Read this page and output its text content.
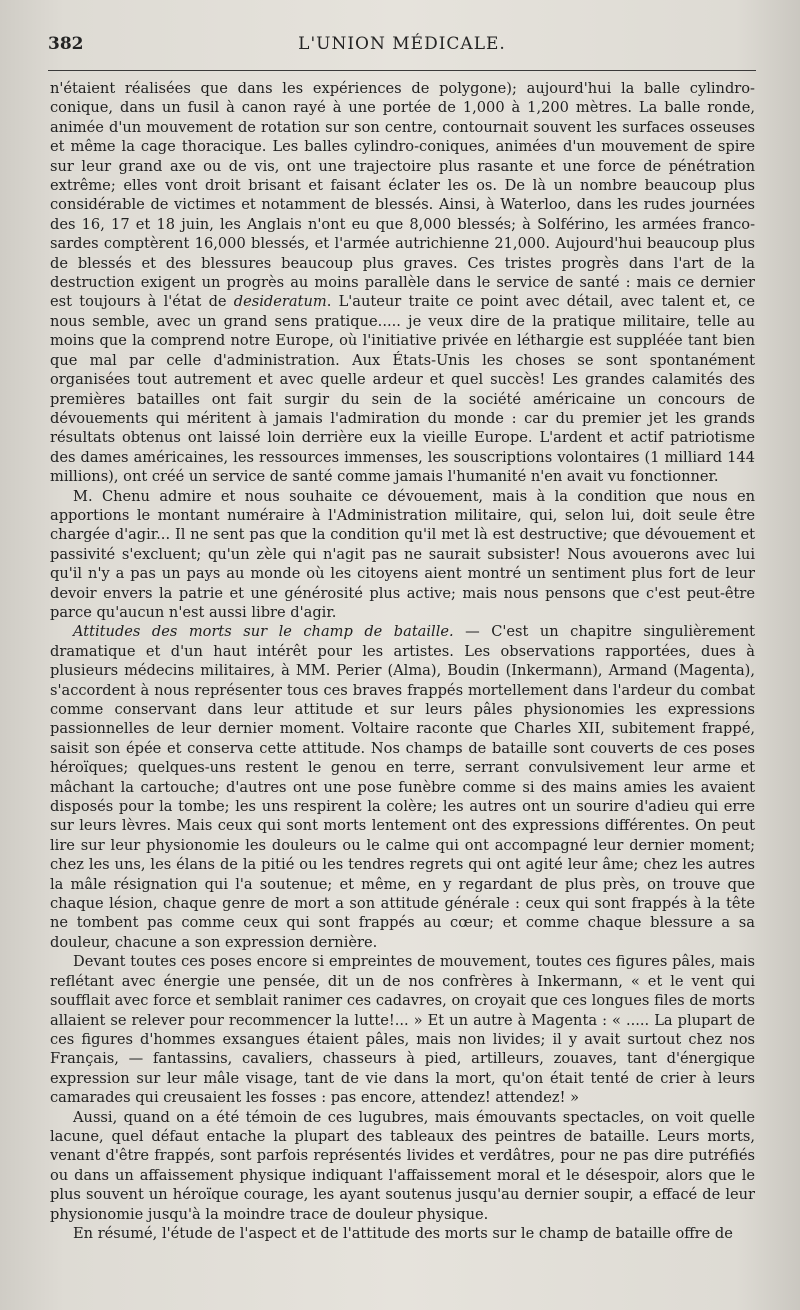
382	L'UNION MÉDICALE.

n'étaient réalisées que dans les expériences de polygone); aujourd'hui la balle cylindro-conique, dans un fusil à canon rayé à une portée de 1,000 à 1,200 mètres. La balle ronde, animée d'un mouvement de rotation sur son centre, contournait souvent les surfaces osseuses et même la cage thoracique. Les balles cylindro-coniques, animées d'un mouvement de spire sur leur grand axe ou de vis, ont une trajectoire plus rasante et une force de pénétration extrême; elles vont droit brisant et faisant éclater les os. De là un nombre beaucoup plus considérable de victimes et notamment de blessés. Ainsi, à Waterloo, dans les rudes journées des 16, 17 et 18 juin, les Anglais n'ont eu que 8,000 blessés; à Solférino, les armées franco-sardes comptèrent 16,000 blessés, et l'armée autrichienne 21,000. Aujourd'hui beaucoup plus de blessés et des blessures beaucoup plus graves. Ces tristes progrès dans l'art de la destruction exigent un progrès au moins parallèle dans le service de santé : mais ce dernier est toujours à l'état de desideratum. L'auteur traite ce point avec détail, avec talent et, ce nous semble, avec un grand sens pratique..... je veux dire de la pratique militaire, telle au moins que la comprend notre Europe, où l'initiative privée en léthargie est suppléée tant bien que mal par celle d'administration. Aux États-Unis les choses se sont spontanément organisées tout autrement et avec quelle ardeur et quel succès! Les grandes calamités des premières batailles ont fait surgir du sein de la société américaine un concours de dévouements qui méritent à jamais l'admiration du monde : car du premier jet les grands résultats obtenus ont laissé loin derrière eux la vieille Europe. L'ardent et actif patriotisme des dames américaines, les ressources immenses, les souscriptions volontaires (1 milliard 144 millions), ont créé un service de santé comme jamais l'humanité n'en avait vu fonctionner.

M. Chenu admire et nous souhaite ce dévouement, mais à la condition que nous en apportions le montant numéraire à l'Administration militaire, qui, selon lui, doit seule être chargée d'agir... Il ne sent pas que la condition qu'il met là est destructive; que dévouement et passivité s'excluent; qu'un zèle qui n'agit pas ne saurait subsister! Nous avouerons avec lui qu'il n'y a pas un pays au monde où les citoyens aient montré un sentiment plus fort de leur devoir envers la patrie et une générosité plus active; mais nous pensons que c'est peut-être parce qu'aucun n'est aussi libre d'agir.

Attitudes des morts sur le champ de bataille. — C'est un chapitre singulièrement dramatique et d'un haut intérêt pour les artistes. Les observations rapportées, dues à plusieurs médecins militaires, à MM. Perier (Alma), Boudin (Inkermann), Armand (Magenta), s'accordent à nous représenter tous ces braves frappés mortellement dans l'ardeur du combat comme conservant dans leur attitude et sur leurs pâles physionomies les expressions passionnelles de leur dernier moment. Voltaire raconte que Charles XII, subitement frappé, saisit son épée et conserva cette attitude. Nos champs de bataille sont couverts de ces poses héroïques; quelques-uns restent le genou en terre, serrant convulsivement leur arme et mâchant la cartouche; d'autres ont une pose funèbre comme si des mains amies les avaient disposés pour la tombe; les uns respirent la colère; les autres ont un sourire d'adieu qui erre sur leurs lèvres. Mais ceux qui sont morts lentement ont des expressions différentes. On peut lire sur leur physionomie les douleurs ou le calme qui ont accompagné leur dernier moment; chez les uns, les élans de la pitié ou les tendres regrets qui ont agité leur âme; chez les autres la mâle résignation qui l'a soutenue; et même, en y regardant de plus près, on trouve que chaque lésion, chaque genre de mort a son attitude générale : ceux qui sont frappés à la tête ne tombent pas comme ceux qui sont frappés au cœur; et comme chaque blessure a sa douleur, chacune a son expression dernière.

Devant toutes ces poses encore si empreintes de mouvement, toutes ces figures pâles, mais reflétant avec énergie une pensée, dit un de nos confrères à Inkermann, « et le vent qui soufflait avec force et semblait ranimer ces cadavres, on croyait que ces longues files de morts allaient se relever pour recommencer la lutte!... » Et un autre à Magenta : « ..... La plupart de ces figures d'hommes exsangues étaient pâles, mais non livides; il y avait surtout chez nos Français, — fantassins, cavaliers, chasseurs à pied, artilleurs, zouaves, tant d'énergique expression sur leur mâle visage, tant de vie dans la mort, qu'on était tenté de crier à leurs camarades qui creusaient les fosses : pas encore, attendez! attendez! »

Aussi, quand on a été témoin de ces lugubres, mais émouvants spectacles, on voit quelle lacune, quel défaut entache la plupart des tableaux des peintres de bataille. Leurs morts, venant d'être frappés, sont parfois représentés livides et verdâtres, pour ne pas dire putréfiés ou dans un affaissement physique indiquant l'affaissement moral et le désespoir, alors que le plus souvent un héroïque courage, les ayant soutenus jusqu'au dernier soupir, a effacé de leur physionomie jusqu'à la moindre trace de douleur physique.

En résumé, l'étude de l'aspect et de l'attitude des morts sur le champ de bataille offre de
